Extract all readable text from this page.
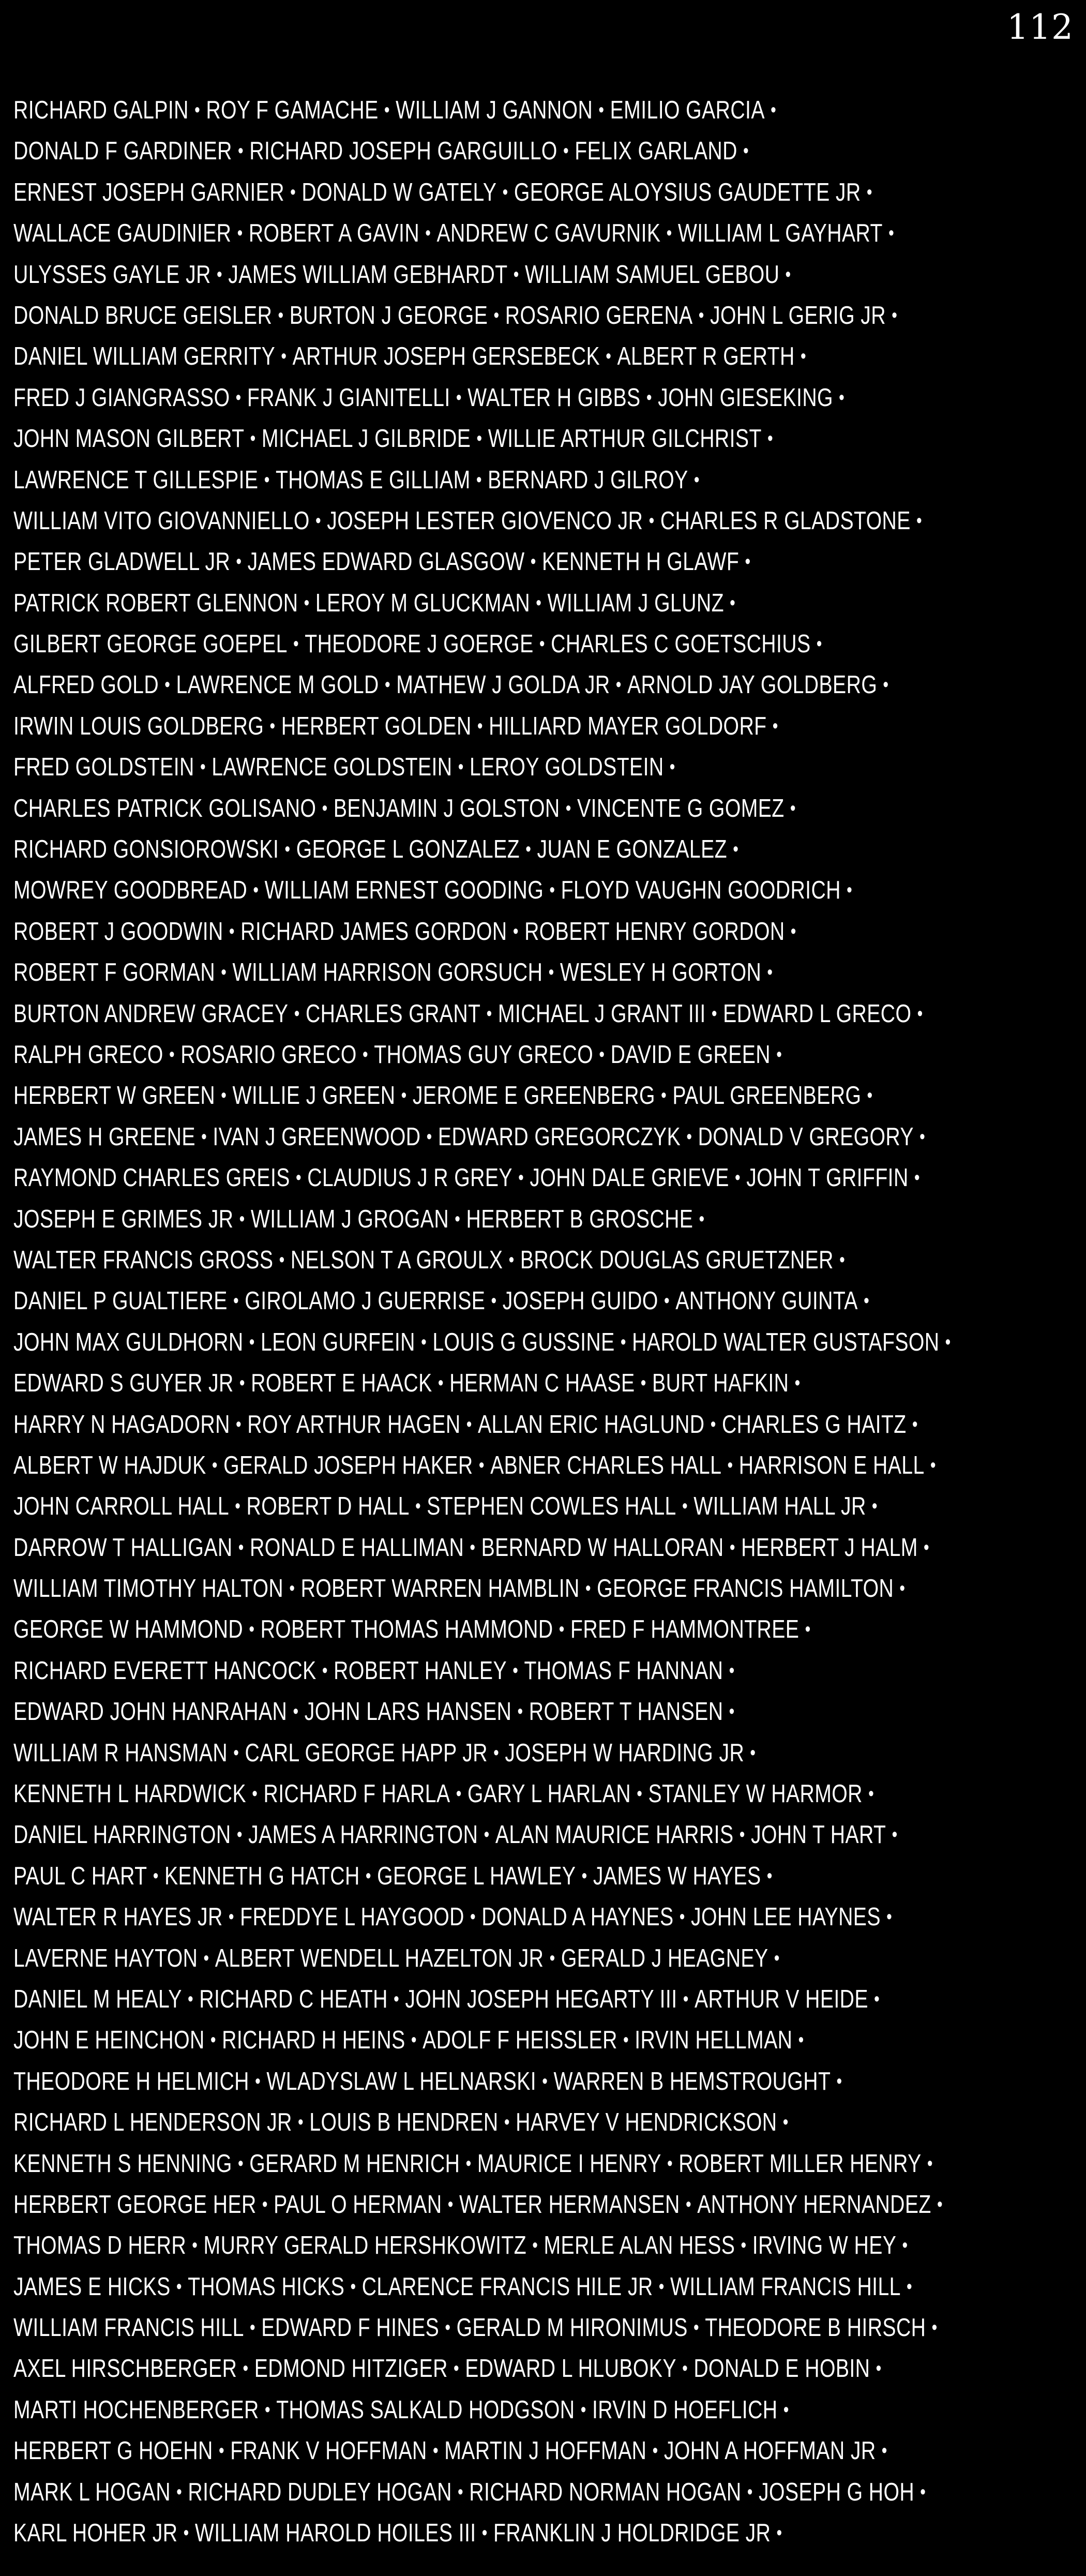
112
RICHARD GALPIN • ROY F GAMACHE • WILLIAM J GANNON • EMILIO GARCIA •
DONALD F GARDINER • RICHARD JOSEPH GARGUILLO • FELIX GARLAND •
ERNEST JOSEPH GARNIER • DONALD W GATELY • GEORGE ALOYSIUS GAUDETTE JR •
WALLACE GAUDINIER • ROBERT A GAVIN • ANDREW C GAVURNIK • WILLIAM L GAYHART •
ULYSSES GAYLE JR • JAMES WILLIAM GEBHARDT • WILLIAM SAMUEL GEBOU •
DONALD BRUCE GEISLER • BURTON J GEORGE • ROSARIO GERENA • JOHN L GERIG JR •
DANIEL WILLIAM GERRITY • ARTHUR JOSEPH GERSEBECK • ALBERT R GERTH •
FRED J GIANGRASSO • FRANK J GIANITELLI • WALTER H GIBBS • JOHN GIESEKING •
JOHN MASON GILBERT • MICHAEL J GILBRIDE • WILLIE ARTHUR GILCHRIST •
LAWRENCE T GILLESPIE • THOMAS E GILLIAM • BERNARD J GILROY •
WILLIAM VITO GIOVANNIELLO • JOSEPH LESTER GIOVENCO JR • CHARLES R GLADSTONE •
PETER GLADWELL JR • JAMES EDWARD GLASGOW • KENNETH H GLAWF •
PATRICK ROBERT GLENNON • LEROY M GLUCKMAN • WILLIAM J GLUNZ •
GILBERT GEORGE GOEPEL • THEODORE J GOERGE • CHARLES C GOETSCHIUS •
ALFRED GOLD • LAWRENCE M GOLD • MATHEW J GOLDA JR • ARNOLD JAY GOLDBERG •
IRWIN LOUIS GOLDBERG • HERBERT GOLDEN • HILLIARD MAYER GOLDORF •
FRED GOLDSTEIN • LAWRENCE GOLDSTEIN • LEROY GOLDSTEIN •
CHARLES PATRICK GOLISANO • BENJAMIN J GOLSTON • VINCENTE G GOMEZ •
RICHARD GONSIOROWSKI • GEORGE L GONZALEZ • JUAN E GONZALEZ •
MOWREY GOODBREAD • WILLIAM ERNEST GOODING • FLOYD VAUGHN GOODRICH •
ROBERT J GOODWIN • RICHARD JAMES GORDON • ROBERT HENRY GORDON •
ROBERT F GORMAN • WILLIAM HARRISON GORSUCH • WESLEY H GORTON •
BURTON ANDREW GRACEY • CHARLES GRANT • MICHAEL J GRANT III • EDWARD L GRECO •
RALPH GRECO • ROSARIO GRECO • THOMAS GUY GRECO • DAVID E GREEN •
HERBERT W GREEN • WILLIE J GREEN • JEROME E GREENBERG • PAUL GREENBERG •
JAMES H GREENE • IVAN J GREENWOOD • EDWARD GREGORCZYK • DONALD V GREGORY •
RAYMOND CHARLES GREIS • CLAUDIUS J R GREY • JOHN DALE GRIEVE • JOHN T GRIFFIN •
JOSEPH E GRIMES JR • WILLIAM J GROGAN • HERBERT B GROSCHE •
WALTER FRANCIS GROSS • NELSON T A GROULX • BROCK DOUGLAS GRUETZNER •
DANIEL P GUALTIERE • GIROLAMO J GUERRISE • JOSEPH GUIDO • ANTHONY GUINTA •
JOHN MAX GULDHORN • LEON GURFEIN • LOUIS G GUSSINE • HAROLD WALTER GUSTAFSON •
EDWARD S GUYER JR • ROBERT E HAACK • HERMAN C HAASE • BURT HAFKIN •
HARRY N HAGADORN • ROY ARTHUR HAGEN • ALLAN ERIC HAGLUND • CHARLES G HAITZ •
ALBERT W HAJDUK • GERALD JOSEPH HAKER • ABNER CHARLES HALL • HARRISON E HALL •
JOHN CARROLL HALL • ROBERT D HALL • STEPHEN COWLES HALL • WILLIAM HALL JR •
DARROW T HALLIGAN • RONALD E HALLIMAN • BERNARD W HALLORAN • HERBERT J HALM •
WILLIAM TIMOTHY HALTON • ROBERT WARREN HAMBLIN • GEORGE FRANCIS HAMILTON •
GEORGE W HAMMOND • ROBERT THOMAS HAMMOND • FRED F HAMMONTREE •
RICHARD EVERETT HANCOCK • ROBERT HANLEY • THOMAS F HANNAN •
EDWARD JOHN HANRAHAN • JOHN LARS HANSEN • ROBERT T HANSEN •
WILLIAM R HANSMAN • CARL GEORGE HAPP JR • JOSEPH W HARDING JR •
KENNETH L HARDWICK • RICHARD F HARLA • GARY L HARLAN • STANLEY W HARMOR •
DANIEL HARRINGTON • JAMES A HARRINGTON • ALAN MAURICE HARRIS • JOHN T HART •
PAUL C HART • KENNETH G HATCH • GEORGE L HAWLEY • JAMES W HAYES •
WALTER R HAYES JR • FREDDYE L HAYGOOD • DONALD A HAYNES • JOHN LEE HAYNES •
LAVERNE HAYTON • ALBERT WENDELL HAZELTON JR • GERALD J HEAGNEY •
DANIEL M HEALY • RICHARD C HEATH • JOHN JOSEPH HEGARTY III • ARTHUR V HEIDE •
JOHN E HEINCHON • RICHARD H HEINS • ADOLF F HEISSLER • IRVIN HELLMAN •
THEODORE H HELMICH • WLADYSLAW L HELNARSKI • WARREN B HEMSTROUGHT •
RICHARD L HENDERSON JR • LOUIS B HENDREN • HARVEY V HENDRICKSON •
KENNETH S HENNING • GERARD M HENRICH • MAURICE I HENRY • ROBERT MILLER HENRY •
HERBERT GEORGE HER • PAUL O HERMAN • WALTER HERMANSEN • ANTHONY HERNANDEZ •
THOMAS D HERR • MURRY GERALD HERSHKOWITZ • MERLE ALAN HESS • IRVING W HEY •
JAMES E HICKS • THOMAS HICKS • CLARENCE FRANCIS HILE JR • WILLIAM FRANCIS HILL •
WILLIAM FRANCIS HILL • EDWARD F HINES • GERALD M HIRONIMUS • THEODORE B HIRSCH •
AXEL HIRSCHBERGER • EDMOND HITZIGER • EDWARD L HLUBOKY • DONALD E HOBIN •
MARTI HOCHENBERGER • THOMAS SALKALD HODGSON • IRVIN D HOEFLICH •
HERBERT G HOEHN • FRANK V HOFFMAN • MARTIN J HOFFMAN • JOHN A HOFFMAN JR •
MARK L HOGAN • RICHARD DUDLEY HOGAN • RICHARD NORMAN HOGAN • JOSEPH G HOH •
KARL HOHER JR • WILLIAM HAROLD HOILES III • FRANKLIN J HOLDRIDGE JR •
